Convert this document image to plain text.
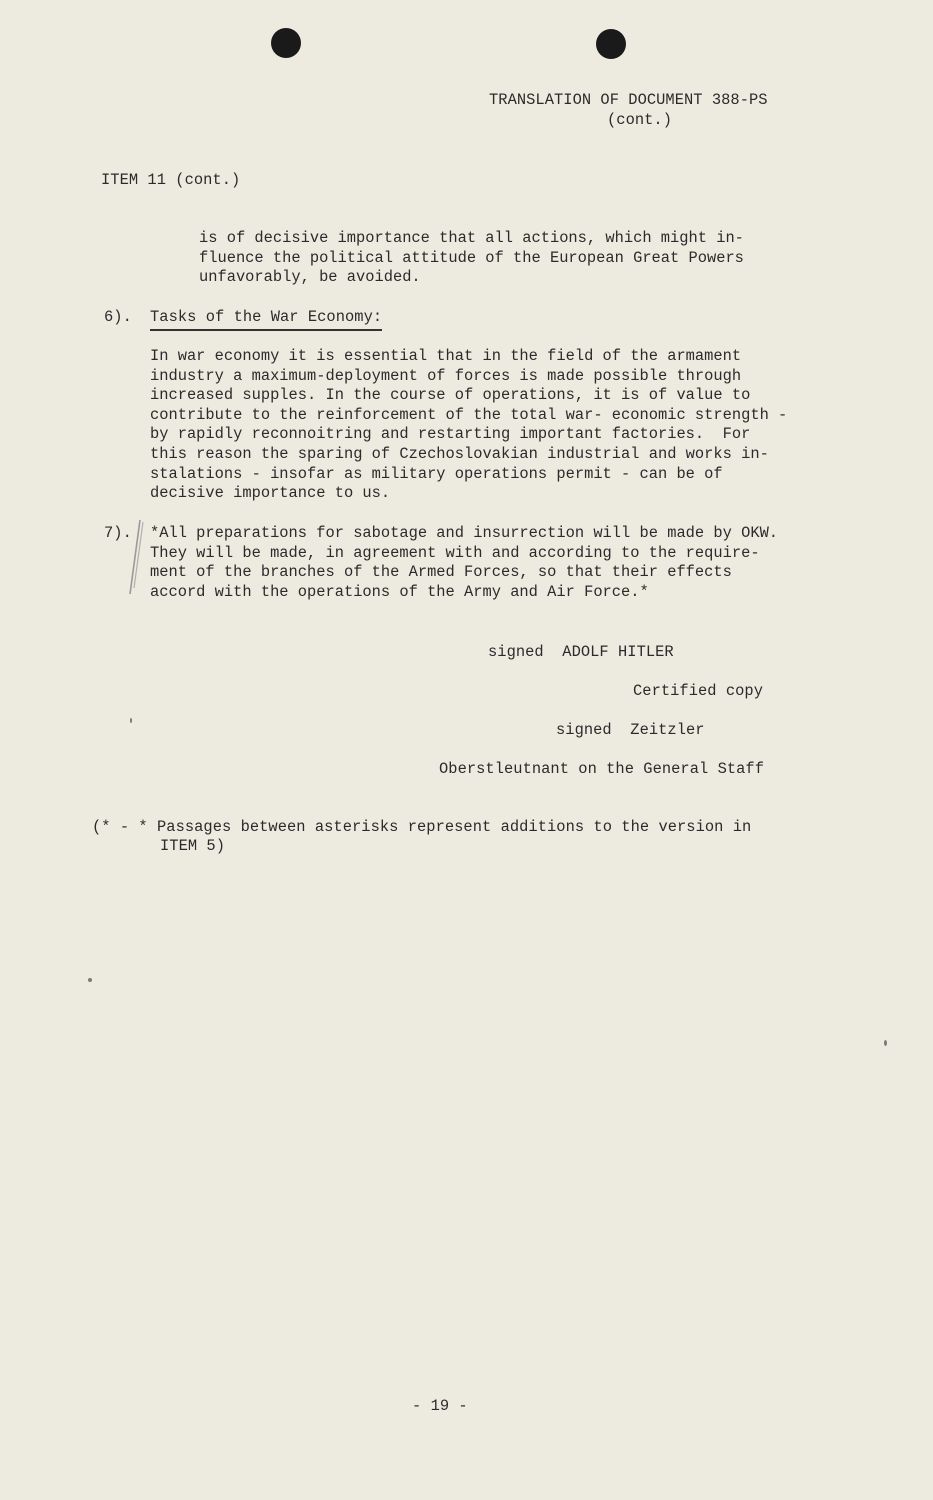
TRANSLATION OF DOCUMENT 388-PS
(cont.)
ITEM 11 (cont.)
is of decisive importance that all actions, which might in-
fluence the political attitude of the European Great Powers
unfavorably, be avoided.
6). Tasks of the War Economy:
In war economy it is essential that in the field of the armament
industry a maximum-deployment of forces is made possible through
increased supples. In the course of operations, it is of value to
contribute to the reinforcement of the total war- economic strength -
by rapidly reconnoitring and restarting important factories.  For
this reason the sparing of Czechoslovakian industrial and works in-
stalations - insofar as military operations permit - can be of
decisive importance to us.
7). *All preparations for sabotage and insurrection will be made by OKW.
They will be made, in agreement with and according to the require-
ment of the branches of the Armed Forces, so that their effects
accord with the operations of the Army and Air Force.*
signed  ADOLF HITLER
Certified copy
signed  Zeitzler
Oberstleutnant on the General Staff
(* - * Passages between asterisks represent additions to the version in
ITEM 5)
- 19 -
